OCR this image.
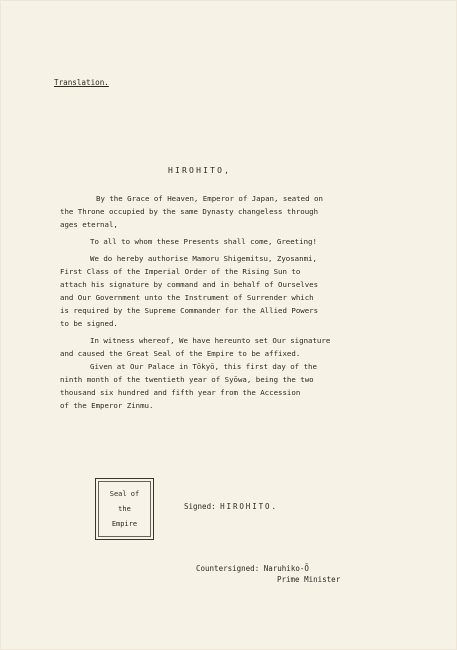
Translation.
HIROHITO,
By the Grace of Heaven, Emperor of Japan, seated on
the Throne occupied by the same Dynasty changeless through
ages eternal,
To all to whom these Presents shall come, Greeting!
We do hereby authorise Mamoru Shigemitsu, Zyosanmi,
First Class of the Imperial Order of the Rising Sun to
attach his signature by command and in behalf of Ourselves
and Our Government unto the Instrument of Surrender which
is required by the Supreme Commander for the Allied Powers
to be signed.
In witness whereof, We have hereunto set Our signature
and caused the Great Seal of the Empire to be affixed.
Given at Our Palace in Tōkyō, this first day of the
ninth month of the twentieth year of Syōwa, being the two
thousand six hundred and fifth year from the Accession
of the Emperor Zinmu.
Seal of
the
Empire
Signed: HIROHITO.
Countersigned: Naruhiko-Ō
Prime Minister
